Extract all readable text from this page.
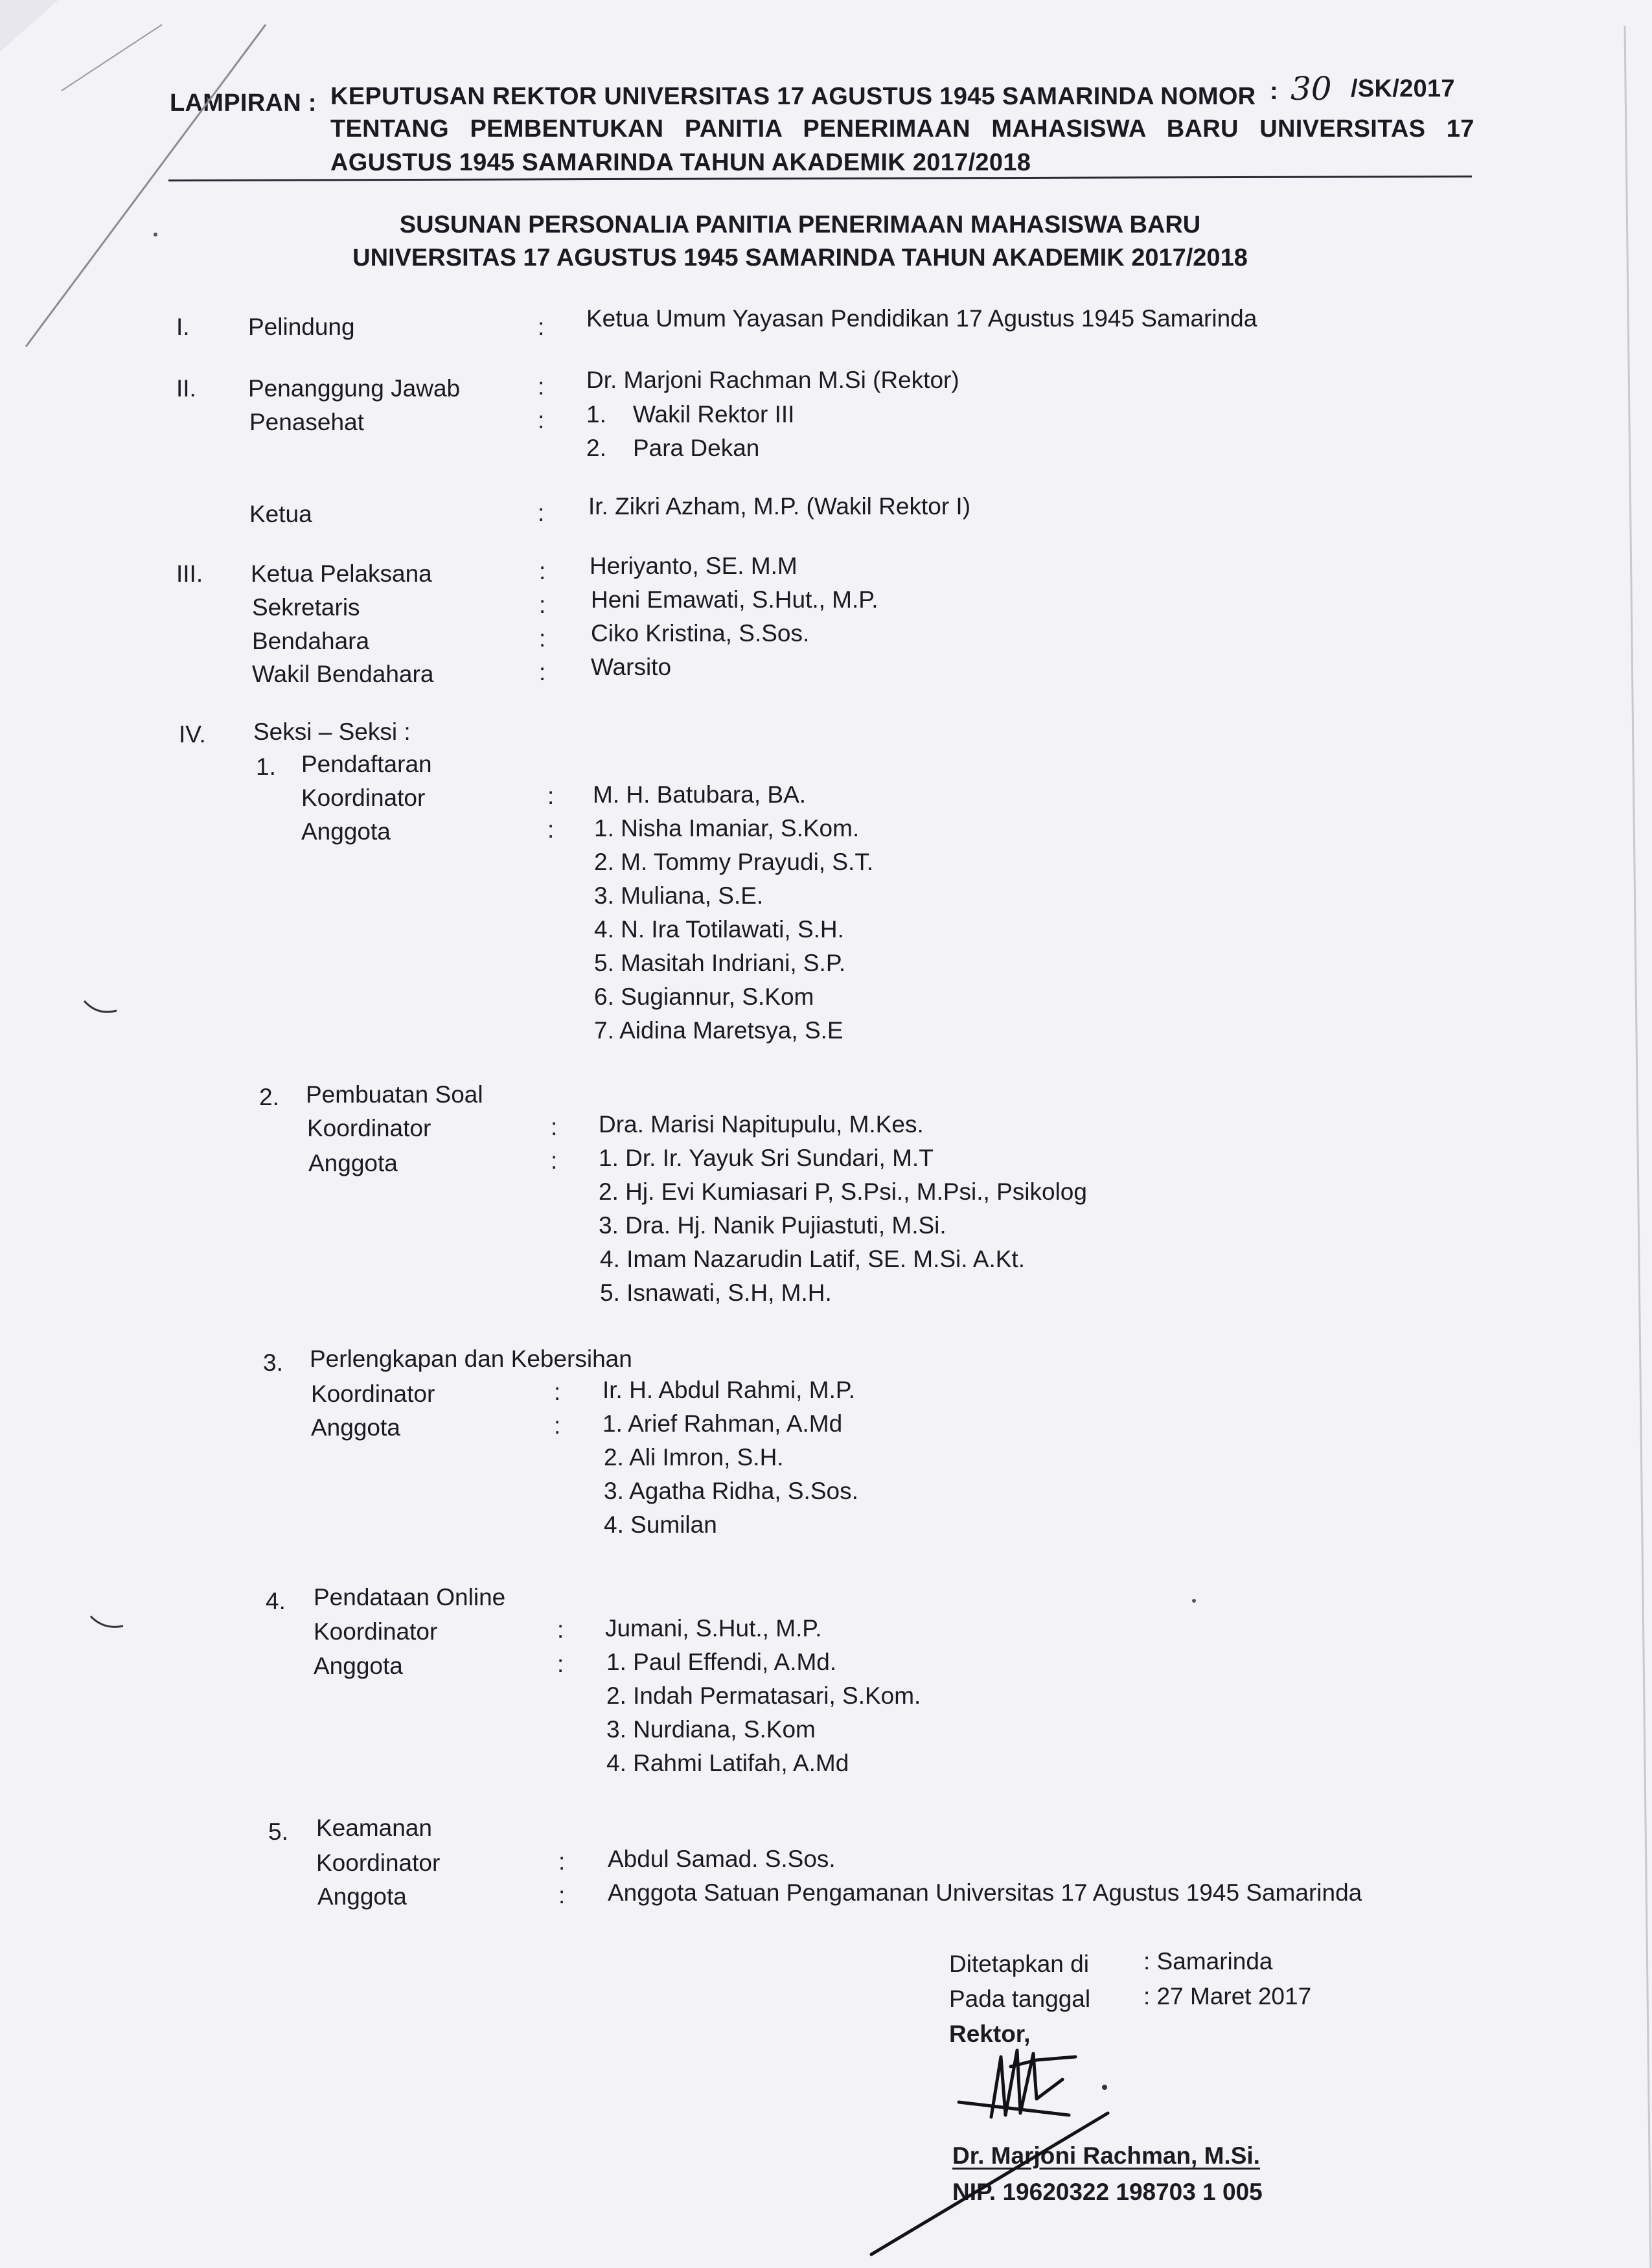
LAMPIRAN : KEPUTUSAN REKTOR UNIVERSITAS 17 AGUSTUS 1945 SAMARINDA NOMOR : 30 /SK/2017
TENTANG   PEMBENTUKAN   PANITIA   PENERIMAAN   MAHASISWA   BARU   UNIVERSITAS   17
AGUSTUS 1945 SAMARINDA TAHUN AKADEMIK 2017/2018
SUSUNAN PERSONALIA PANITIA PENERIMAAN MAHASISWA BARU
UNIVERSITAS 17 AGUSTUS 1945 SAMARINDA TAHUN AKADEMIK 2017/2018
I. Pelindung	: Ketua Umum Yayasan Pendidikan 17 Agustus 1945 Samarinda
II. Penanggung Jawab	: Dr. Marjoni Rachman M.Si (Rektor)
Penasehat	: 1.    Wakil Rektor III
2.    Para Dekan
Ketua	: Ir. Zikri Azham, M.P. (Wakil Rektor I)
III. Ketua Pelaksana	: Heriyanto, SE. M.M
Sekretaris	: Heni Emawati, S.Hut., M.P.
Bendahara	: Ciko Kristina, S.Sos.
Wakil Bendahara	: Warsito
IV. Seksi – Seksi :
1. Pendaftaran
Koordinator	: M. H. Batubara, BA.
Anggota	: 1. Nisha Imaniar, S.Kom.
2. M. Tommy Prayudi, S.T.
3. Muliana, S.E.
4. N. Ira Totilawati, S.H.
5. Masitah Indriani, S.P.
6. Sugiannur, S.Kom
7. Aidina Maretsya, S.E
2. Pembuatan Soal
Koordinator	: Dra. Marisi Napitupulu, M.Kes.
Anggota	: 1. Dr. Ir. Yayuk Sri Sundari, M.T
2. Hj. Evi Kumiasari P, S.Psi., M.Psi., Psikolog
3. Dra. Hj. Nanik Pujiastuti, M.Si.
4. Imam Nazarudin Latif, SE. M.Si. A.Kt.
5. Isnawati, S.H, M.H.
3. Perlengkapan dan Kebersihan
Koordinator	: Ir. H. Abdul Rahmi, M.P.
Anggota	: 1. Arief Rahman, A.Md
2. Ali Imron, S.H.
3. Agatha Ridha, S.Sos.
4. Sumilan
4. Pendataan Online
Koordinator	: Jumani, S.Hut., M.P.
Anggota	: 1. Paul Effendi, A.Md.
2. Indah Permatasari, S.Kom.
3. Nurdiana, S.Kom
4. Rahmi Latifah, A.Md
5. Keamanan
Koordinator	: Abdul Samad. S.Sos.
Anggota	: Anggota Satuan Pengamanan Universitas 17 Agustus 1945 Samarinda
Ditetapkan di : Samarinda
Pada tanggal : 27 Maret 2017
Rektor,
Dr. Marjoni Rachman, M.Si.
NIP. 19620322 198703 1 005
